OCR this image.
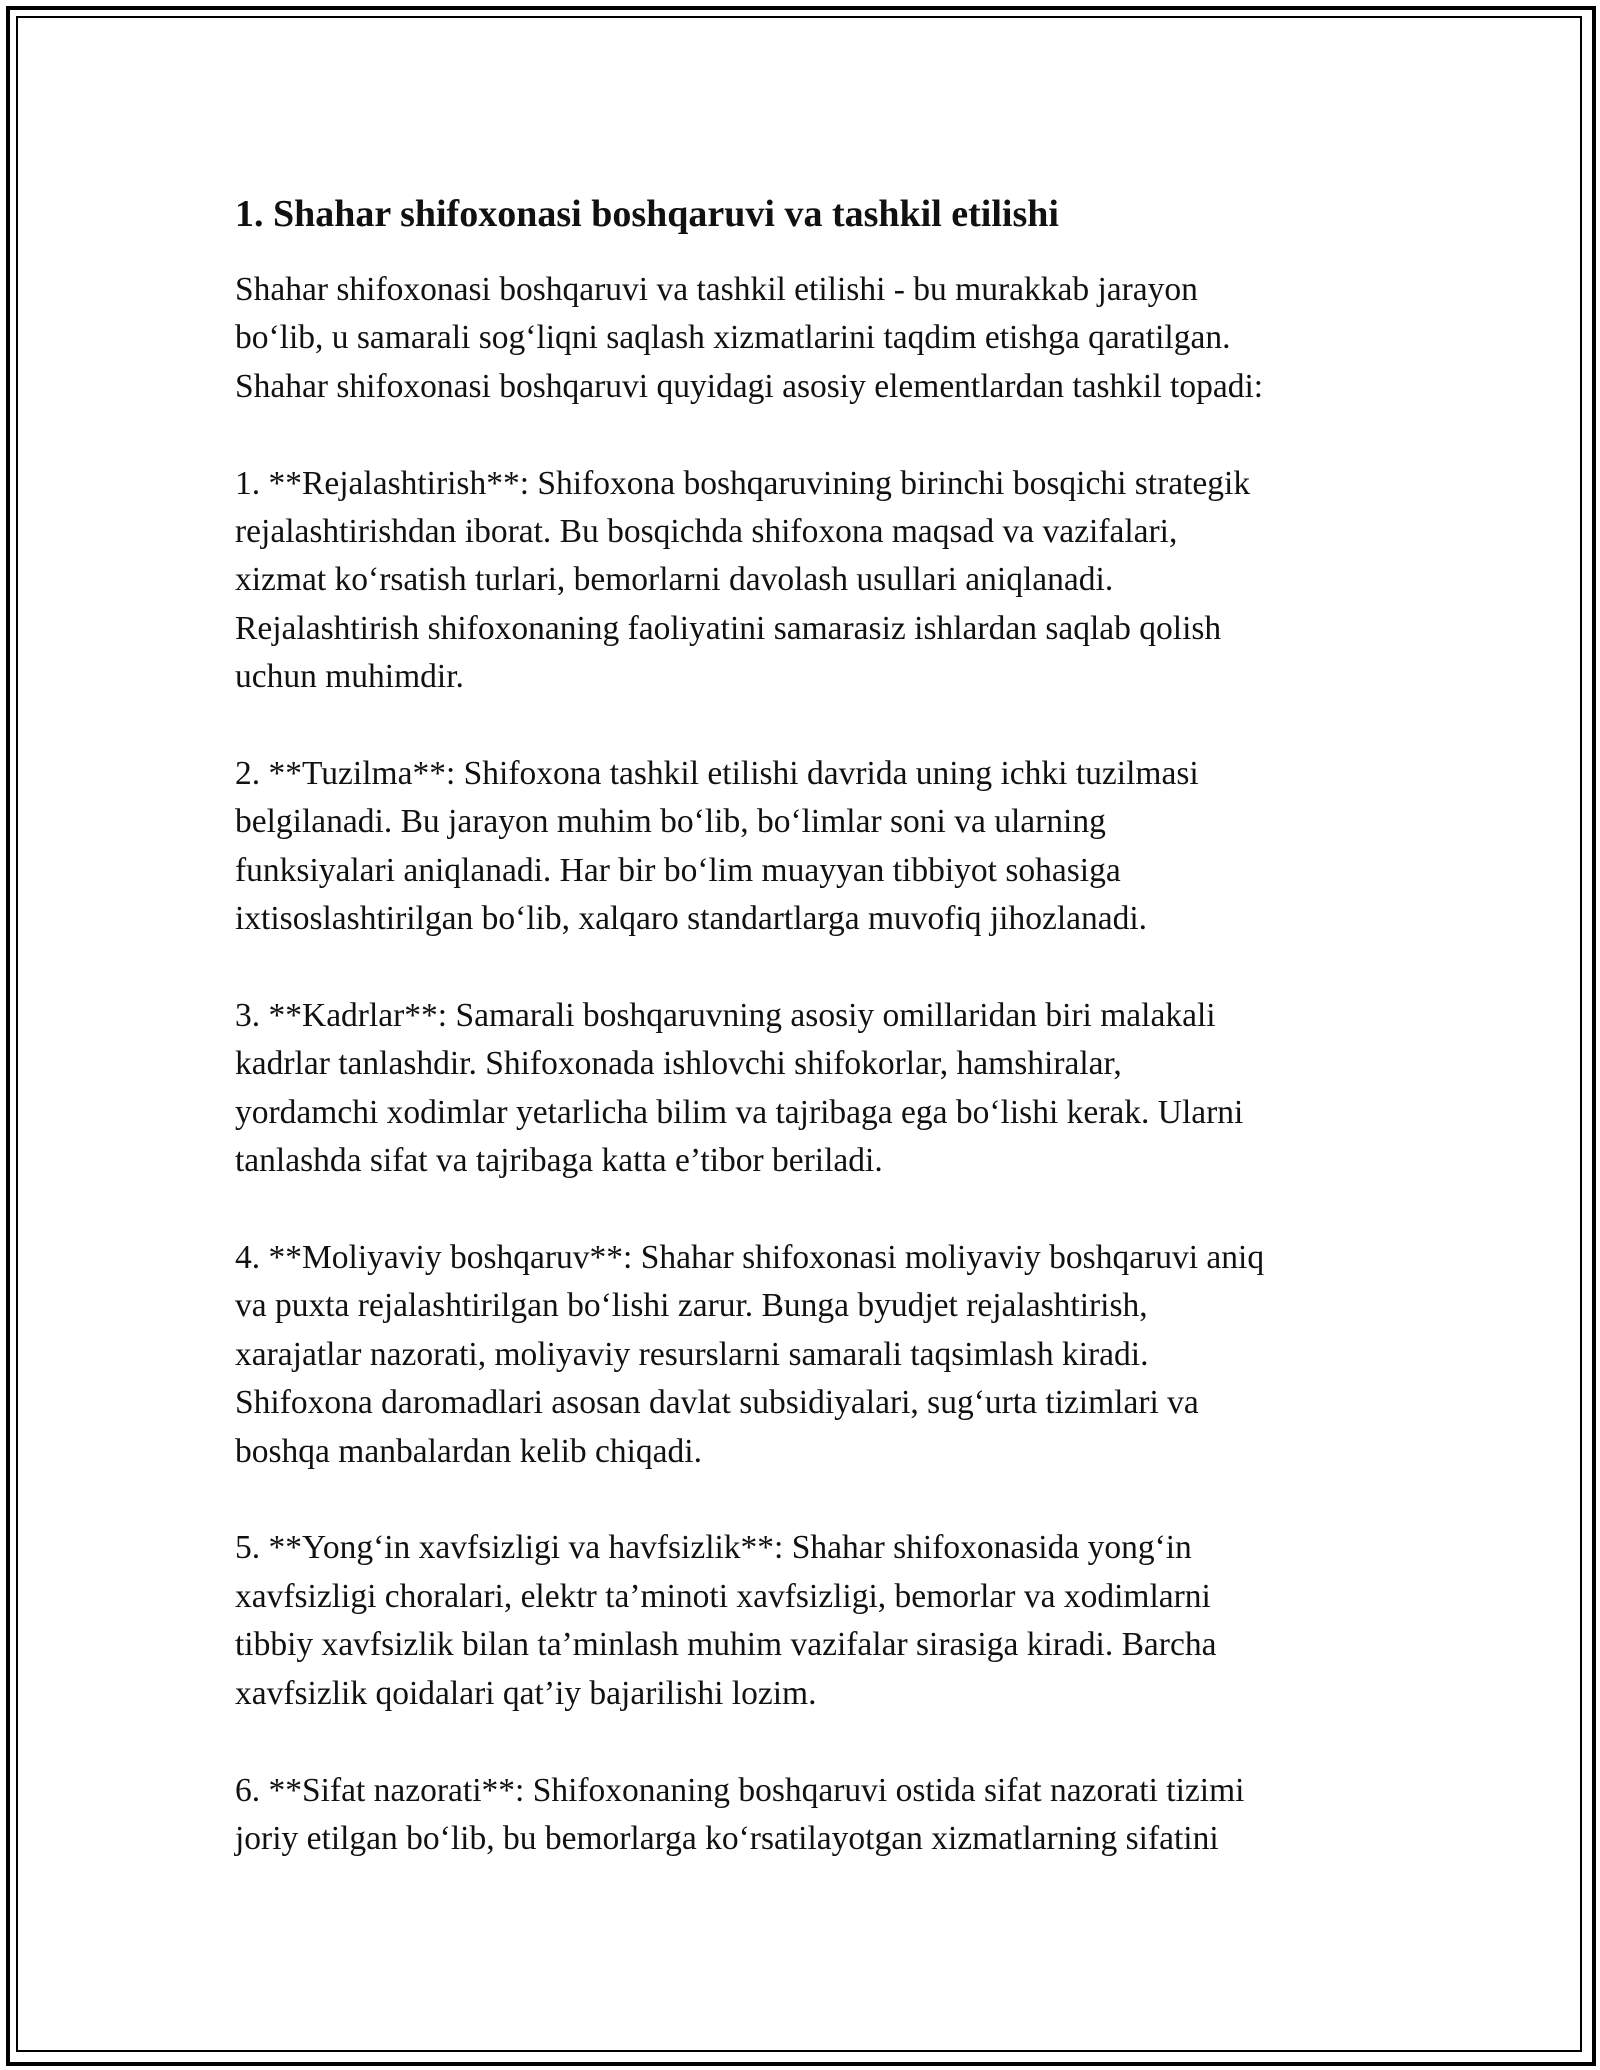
1. Shahar shifoxonasi boshqaruvi va tashkil etilishi

Shahar shifoxonasi boshqaruvi va tashkil etilishi - bu murakkab jarayon
bo‘lib, u samarali sog‘liqni saqlash xizmatlarini taqdim etishga qaratilgan.
Shahar shifoxonasi boshqaruvi quyidagi asosiy elementlardan tashkil topadi:

1. **Rejalashtirish**: Shifoxona boshqaruvining birinchi bosqichi strategik
rejalashtirishdan iborat. Bu bosqichda shifoxona maqsad va vazifalari,
xizmat ko‘rsatish turlari, bemorlarni davolash usullari aniqlanadi.
Rejalashtirish shifoxonaning faoliyatini samarasiz ishlardan saqlab qolish
uchun muhimdir.

2. **Tuzilma**: Shifoxona tashkil etilishi davrida uning ichki tuzilmasi
belgilanadi. Bu jarayon muhim bo‘lib, bo‘limlar soni va ularning
funksiyalari aniqlanadi. Har bir bo‘lim muayyan tibbiyot sohasiga
ixtisoslashtirilgan bo‘lib, xalqaro standartlarga muvofiq jihozlanadi.

3. **Kadrlar**: Samarali boshqaruvning asosiy omillaridan biri malakali
kadrlar tanlashdir. Shifoxonada ishlovchi shifokorlar, hamshiralar,
yordamchi xodimlar yetarlicha bilim va tajribaga ega bo‘lishi kerak. Ularni
tanlashda sifat va tajribaga katta e’tibor beriladi.

4. **Moliyaviy boshqaruv**: Shahar shifoxonasi moliyaviy boshqaruvi aniq
va puxta rejalashtirilgan bo‘lishi zarur. Bunga byudjet rejalashtirish,
xarajatlar nazorati, moliyaviy resurslarni samarali taqsimlash kiradi.
Shifoxona daromadlari asosan davlat subsidiyalari, sug‘urta tizimlari va
boshqa manbalardan kelib chiqadi.

5. **Yong‘in xavfsizligi va havfsizlik**: Shahar shifoxonasida yong‘in
xavfsizligi choralari, elektr ta’minoti xavfsizligi, bemorlar va xodimlarni
tibbiy xavfsizlik bilan ta’minlash muhim vazifalar sirasiga kiradi. Barcha
xavfsizlik qoidalari qat’iy bajarilishi lozim.

6. **Sifat nazorati**: Shifoxonaning boshqaruvi ostida sifat nazorati tizimi
joriy etilgan bo‘lib, bu bemorlarga ko‘rsatilayotgan xizmatlarning sifatini
